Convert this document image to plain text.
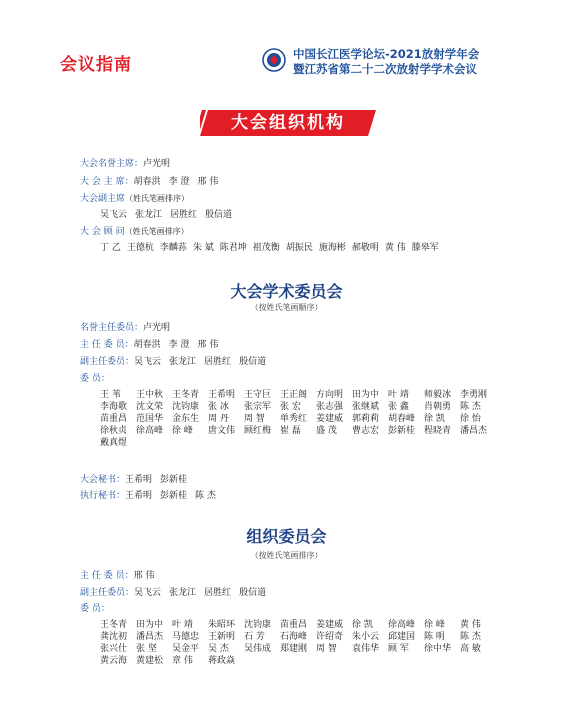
会议指南
中国长江医学论坛-2021放射学年会
暨江苏省第二十二次放射学学术会议
大会组织机构
大会名誉主席：卢光明
大 会 主 席：胡春洪 李 澄 邢 伟
大会副主席（姓氏笔画排序）
吴飞云 张龙江 居胜红 殷信道
大 会 顾 问（姓氏笔画排序）
丁 乙 王德杭 李麟荪 朱 斌 陈君坤 祖茂衡 胡振民 施海彬 郝敬明 黄 伟 滕皋军
大会学术委员会
（按姓氏笔画顺序）
名誉主任委员：卢光明
主 任 委 员：胡春洪 李 澄 邢 伟
副主任委员：吴飞云 张龙江 居胜红 殷信道
委 员：
王 苇	王中秋 王冬青 王希明 王守巨 王正阁 方向明 田为中 叶 靖	师毅冰 李勇刚
李海歌 沈文荣 沈钧康 张 冰	张宗军 张 宏	张志强 张继斌 张 鑫	肖朝勇 陈 杰
苗重昌 范国华 金东生 周 丹	周 智	单秀红 姜建威 郭莉莉 胡春峰 徐 凯	徐 怡
徐秋贞 徐高峰 徐 峰	唐文伟 顾红梅 崔 磊	盛 茂	曹志宏 彭新桂 程晓青 潘昌杰
戴真煜
大会秘书：王希明 彭新桂
执行秘书：王希明 彭新桂 陈 杰
组织委员会
（按姓氏笔画排序）
主 任 委 员：邢 伟
副主任委员：吴飞云 张龙江 居胜红 殷信道
委 员：
王冬青 田为中 叶 靖	朱昭环 沈钧康 苗重昌 姜建威 徐 凯	徐高峰 徐 峰	黄 伟
龚沈初 潘昌杰 马德忠 王新明 石 芳	石海峰 许绍奇 朱小云 邱建国 陈 明	陈 杰
张兴仕 张 坚	吴金平 吴 杰	吴伟成 郑建刚 周 智	袁伟华 顾 军	徐中华 高 敏
黄云海 黄建松 章 伟	蒋政焱
